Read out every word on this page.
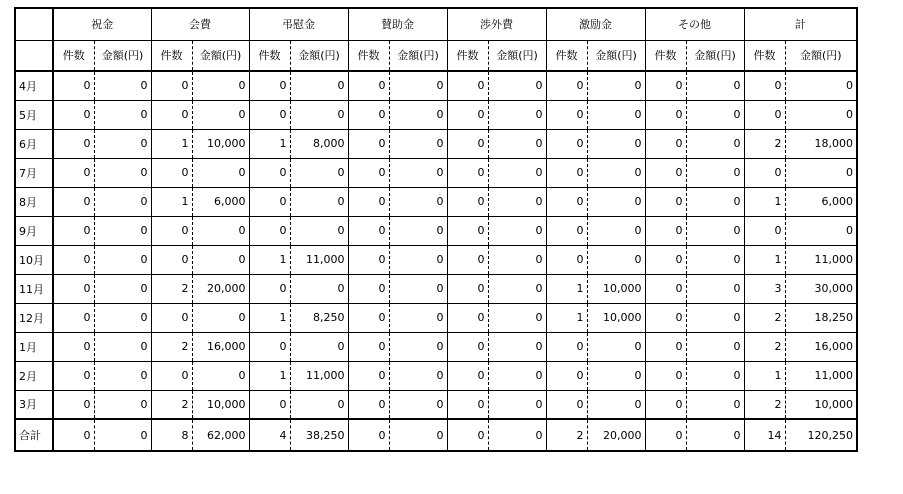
	祝金		会費		弔慰金		賛助金		渉外費		激励金		その他		計	
	件数	金額(円)	件数	金額(円)	件数	金額(円)	件数	金額(円)	件数	金額(円)	件数	金額(円)	件数	金額(円)	件数	金額(円)
4月	0	0	0	0	0	0	0	0	0	0	0	0	0	0	0	0
5月	0	0	0	0	0	0	0	0	0	0	0	0	0	0	0	0
6月	0	0	1	10,000	1	8,000	0	0	0	0	0	0	0	0	2	18,000
7月	0	0	0	0	0	0	0	0	0	0	0	0	0	0	0	0
8月	0	0	1	6,000	0	0	0	0	0	0	0	0	0	0	1	6,000
9月	0	0	0	0	0	0	0	0	0	0	0	0	0	0	0	0
10月	0	0	0	0	1	11,000	0	0	0	0	0	0	0	0	1	11,000
11月	0	0	2	20,000	0	0	0	0	0	0	1	10,000	0	0	3	30,000
12月	0	0	0	0	1	8,250	0	0	0	0	1	10,000	0	0	2	18,250
1月	0	0	2	16,000	0	0	0	0	0	0	0	0	0	0	2	16,000
2月	0	0	0	0	1	11,000	0	0	0	0	0	0	0	0	1	11,000
3月	0	0	2	10,000	0	0	0	0	0	0	0	0	0	0	2	10,000
合計	0	0	8	62,000	4	38,250	0	0	0	0	2	20,000	0	0	14	120,250
